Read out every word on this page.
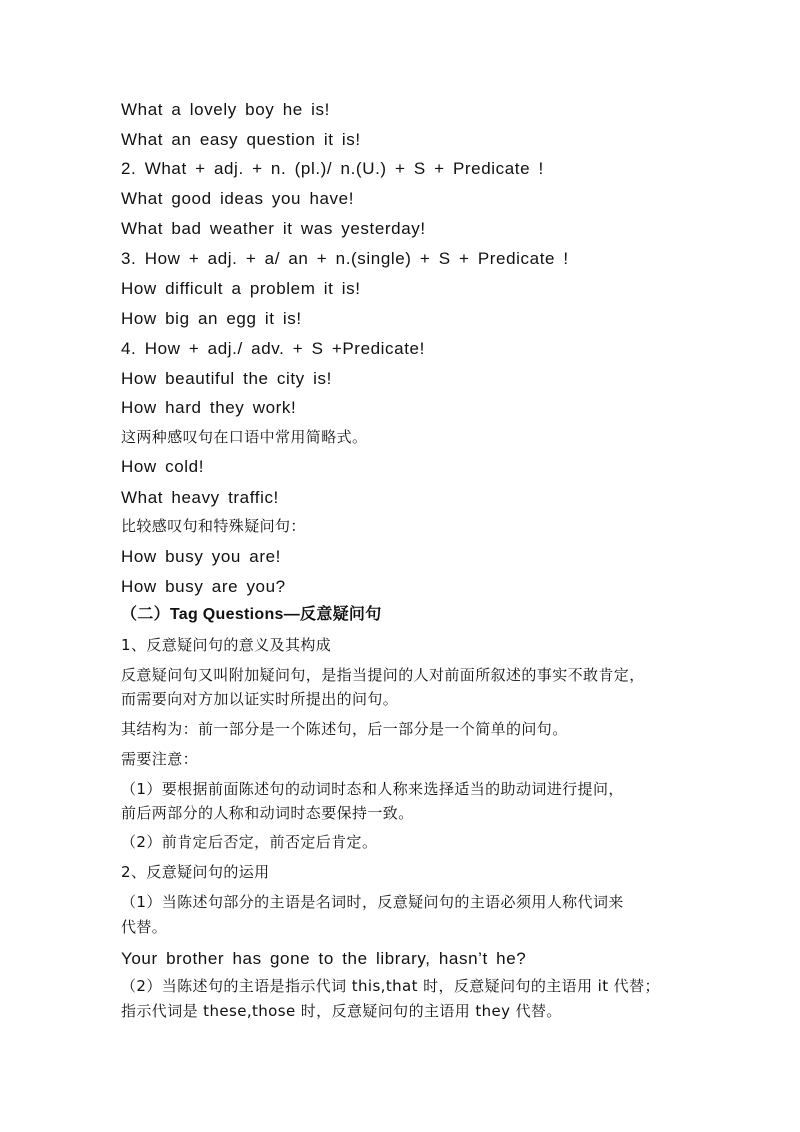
What a lovely boy he is!
What an easy question it is!
2. What + adj. + n. (pl.)/ n.(U.) + S + Predicate !
What good ideas you have!
What bad weather it was yesterday!
3. How + adj. + a/ an + n.(single) + S + Predicate !
How difficult a problem it is!
How big an egg it is!
4. How + adj./ adv. + S +Predicate!
How beautiful the city is!
How hard they work!
这两种感叹句在口语中常用简略式。
How cold!
What heavy traffic!
比较感叹句和特殊疑问句：
How busy you are!
How busy are you?
（二）Tag Questions—反意疑问句
1、反意疑问句的意义及其构成
反意疑问句又叫附加疑问句，是指当提问的人对前面所叙述的事实不敢肯定，
而需要向对方加以证实时所提出的问句。
其结构为：前一部分是一个陈述句，后一部分是一个简单的问句。
需要注意：
（1）要根据前面陈述句的动词时态和人称来选择适当的助动词进行提问，
前后两部分的人称和动词时态要保持一致。
（2）前肯定后否定，前否定后肯定。
2、反意疑问句的运用
（1）当陈述句部分的主语是名词时，反意疑问句的主语必须用人称代词来
代替。
Your brother has gone to the library, hasn’t he?
（2）当陈述句的主语是指示代词 this,that 时，反意疑问句的主语用 it 代替；
指示代词是 these,those 时，反意疑问句的主语用 they 代替。
